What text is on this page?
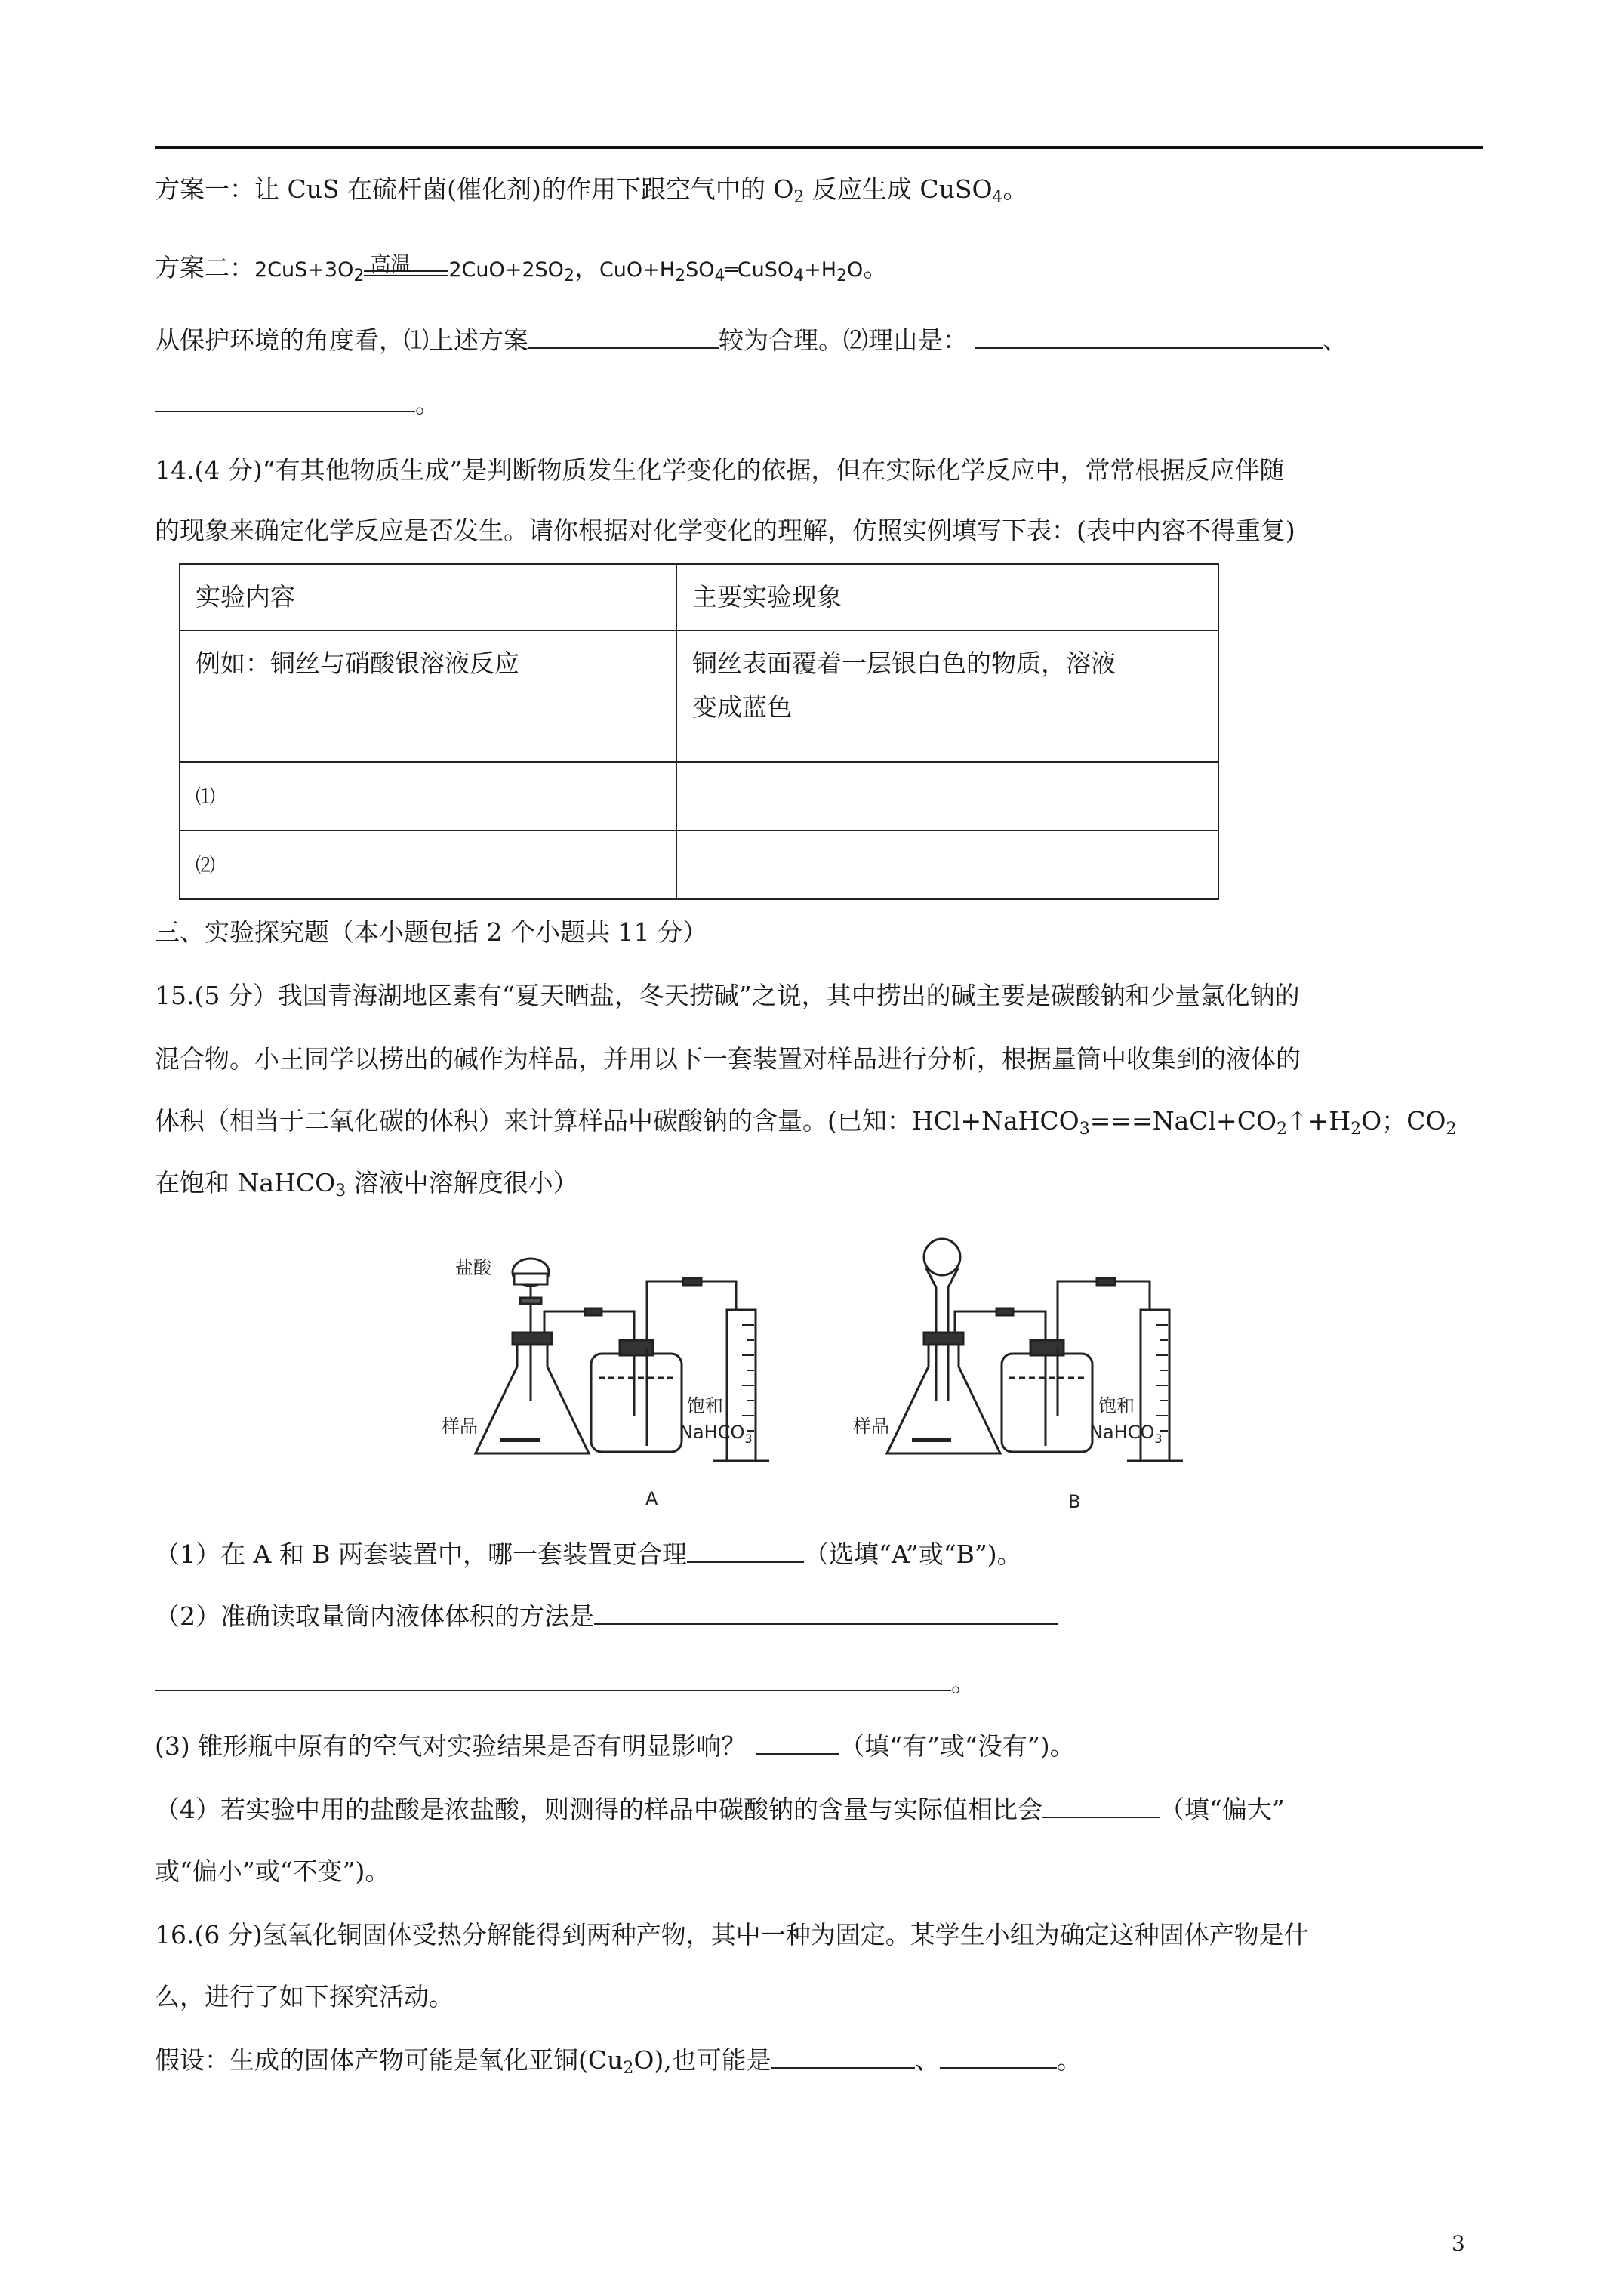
方案一：让 CuS 在硫杆菌(催化剂)的作用下跟空气中的 $O_2$ 反应生成 CuSO$_4$。
方案二：$2CuS+3O_2$ 高温 $2CuO+2SO_2$，$CuO+H_2SO_4═CuSO_4+H_2O$。
从保护环境的角度看，⑴上述方案	较为合理。⑵理由是：	、
。
14.(4 分)“有其他物质生成”是判断物质发生化学变化的依据，但在实际化学反应中，常常根据反应伴随
的现象来确定化学反应是否发生。请你根据对化学变化的理解，仿照实例填写下表：(表中内容不得重复)
实验内容	主要实验现象
例如：铜丝与硝酸银溶液反应	铜丝表面覆着一层银白色的物质，溶液
变成蓝色
⑴	
⑵	
三、实验探究题（本小题包括 2 个小题共 11 分）
15.(5 分）我国青海湖地区素有“夏天晒盐，冬天捞碱”之说，其中捞出的碱主要是碳酸钠和少量氯化钠的
混合物。小王同学以捞出的碱作为样品，并用以下一套装置对样品进行分析，根据量筒中收集到的液体的
体积（相当于二氧化碳的体积）来计算样品中碳酸钠的含量。(已知：$HCl+NaHCO_3===NaCl+CO_2↑+H_2O$；$CO_2$
在饱和 NaHCO$_3$ 溶液中溶解度很小）
盐酸
样品
饱和
NaHCO$_3$
A
样品
饱和
NaHCO$_3$
B
（1）在 A 和 B 两套装置中，哪一套装置更合理	（选填“A”或“B”)。
（2）准确读取量筒内液体体积的方法是
。
(3) 锥形瓶中原有的空气对实验结果是否有明显影响？	（填“有”或“没有”)。
（4）若实验中用的盐酸是浓盐酸，则测得的样品中碳酸钠的含量与实际值相比会	（填“偏大”
或“偏小”或“不变”)。
16.(6 分)氢氧化铜固体受热分解能得到两种产物，其中一种为固定。某学生小组为确定这种固体产物是什
么，进行了如下探究活动。
假设：生成的固体产物可能是氧化亚铜$(Cu_2O)$,也可能是	、	。
3
